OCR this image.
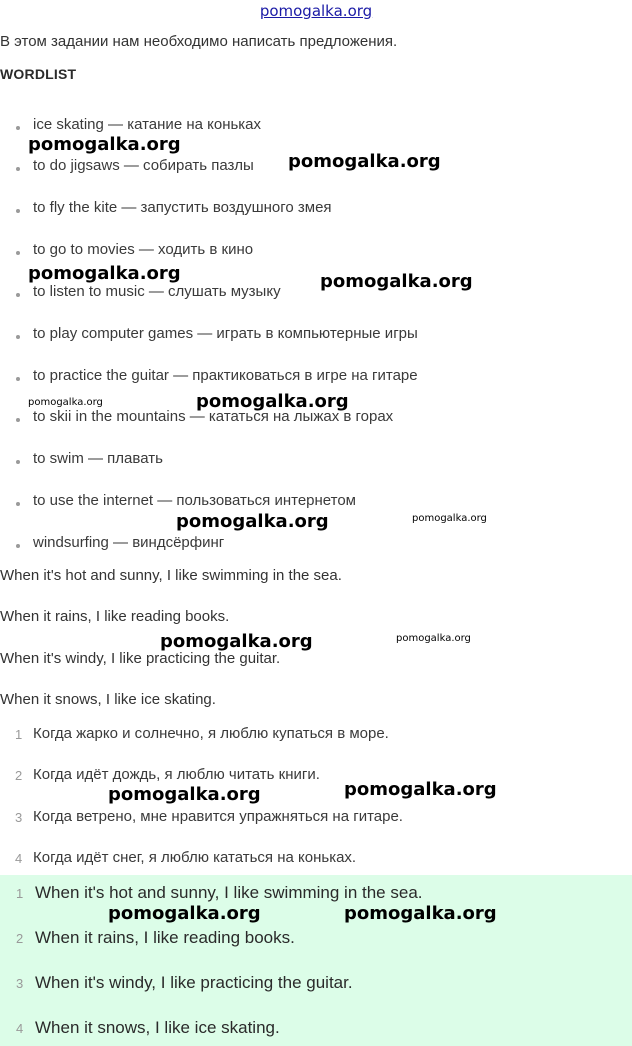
pomogalka.org
В этом задании нам необходимо написать предложения.
WORDLIST
ice skating — катание на коньках
to do jigsaws — собирать пазлы
to fly the kite — запустить воздушного змея
to go to movies — ходить в кино
to listen to music — слушать музыку
to play computer games — играть в компьютерные игры
to practice the guitar — практиковаться в игре на гитаре
to skii in the mountains — кататься на лыжах в горах
to swim — плавать
to use the internet — пользоваться интернетом
windsurfing — виндсёрфинг
When it's hot and sunny, I like swimming in the sea.
When it rains, I like reading books.
When it's windy, I like practicing the guitar.
When it snows, I like ice skating.
1 Когда жарко и солнечно, я люблю купаться в море.
2 Когда идёт дождь, я люблю читать книги.
3 Когда ветрено, мне нравится упражняться на гитаре.
4 Когда идёт снег, я люблю кататься на коньках.
1 When it's hot and sunny, I like swimming in the sea.
2 When it rains, I like reading books.
3 When it's windy, I like practicing the guitar.
4 When it snows, I like ice skating.
pomogalka.org
pomogalka.org
pomogalka.org	pomogalka.org
pomogalka.org	pomogalka.org
pomogalka.org	pomogalka.org
pomogalka.org	pomogalka.org
pomogalka.org	pomogalka.org
pomogalka.org	pomogalka.org
